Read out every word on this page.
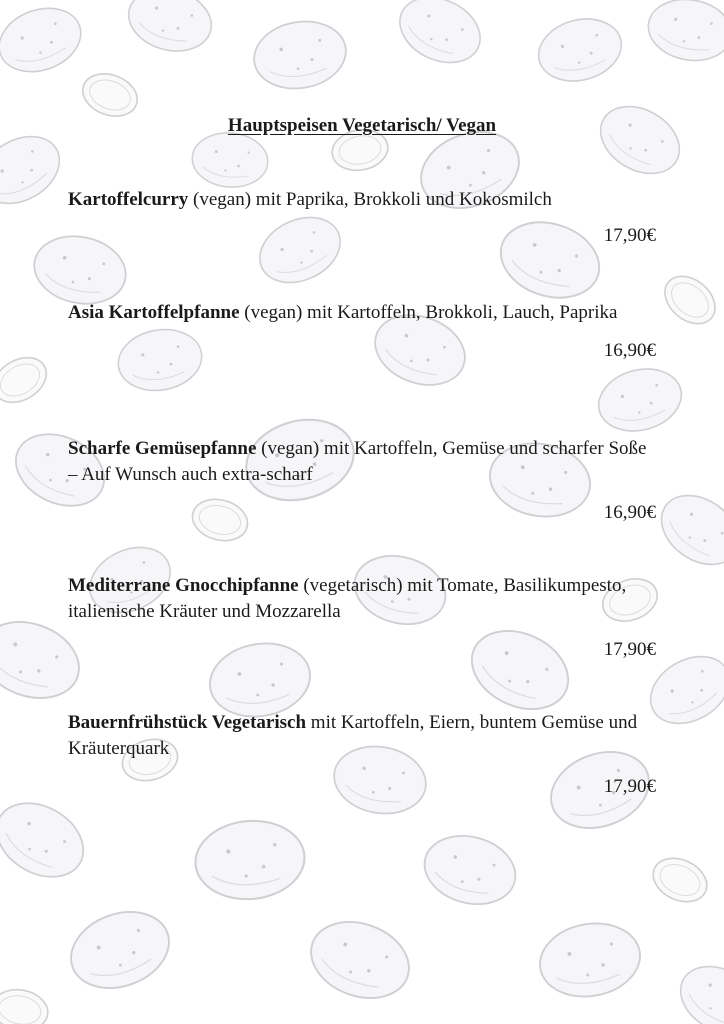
Hauptspeisen Vegetarisch/ Vegan
Kartoffelcurry (vegan) mit Paprika, Brokkoli und Kokosmilch
17,90€
Asia Kartoffelpfanne (vegan) mit Kartoffeln, Brokkoli, Lauch, Paprika
16,90€
Scharfe Gemüsepfanne (vegan) mit Kartoffeln, Gemüse und scharfer Soße – Auf Wunsch auch extra-scharf
16,90€
Mediterrane Gnocchipfanne (vegetarisch) mit Tomate, Basilikumpesto, italienische Kräuter und Mozzarella
17,90€
Bauernfrühstück Vegetarisch mit Kartoffeln, Eiern, buntem Gemüse und Kräuterquark
17,90€
